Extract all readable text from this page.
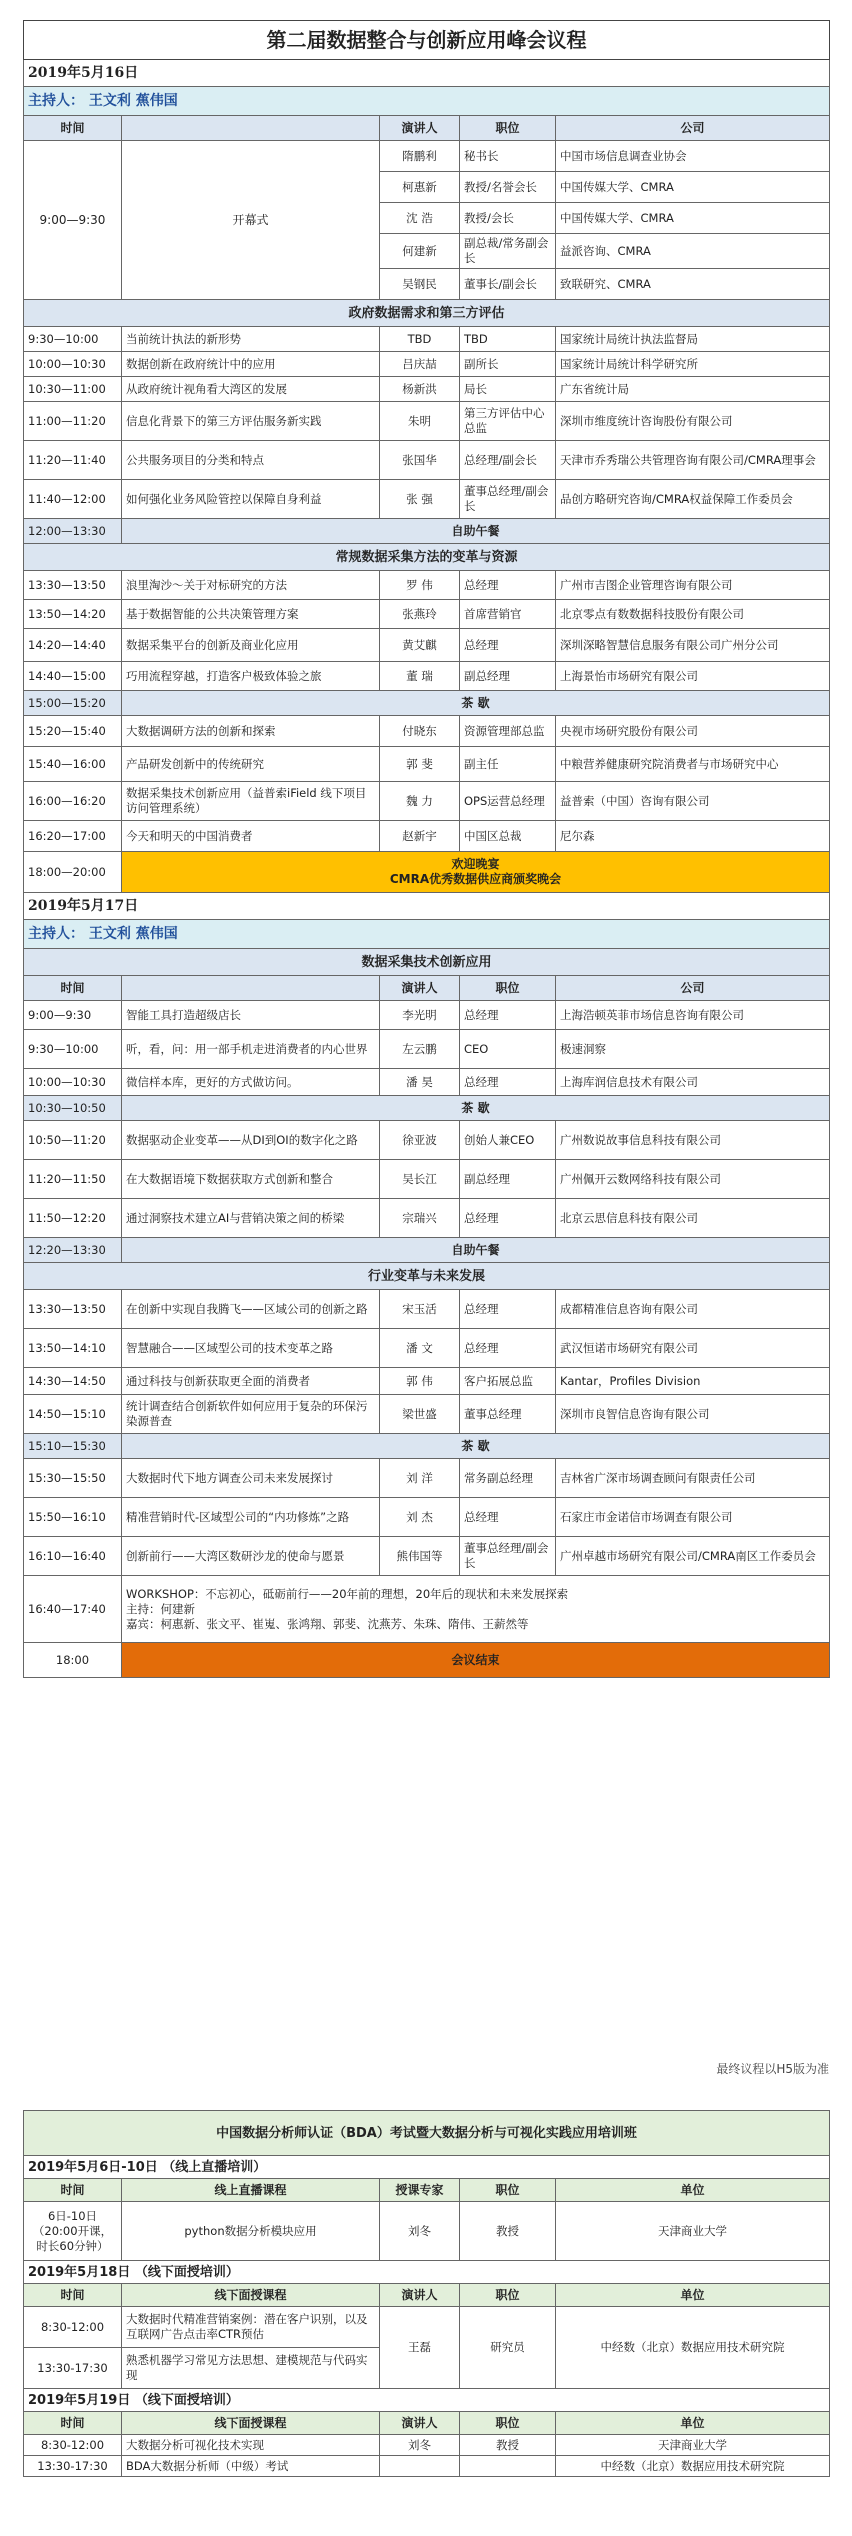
第二届数据整合与创新应用峰会议程				
2019年5月16日				
主持人： 王文利 蕉伟国				
时间		演讲人	职位	公司
9:00—9:30	开幕式	隋鹏利	秘书长	中国市场信息调查业协会
		柯惠新	教授/名誉会长	中国传媒大学、CMRA
		沈 浩	教授/会长	中国传媒大学、CMRA
		何建新	副总裁/常务副会长	益派咨询、CMRA
		吴钢民	董事长/副会长	致联研究、CMRA
政府数据需求和第三方评估				
9:30—10:00	当前统计执法的新形势	TBD	TBD	国家统计局统计执法监督局
10:00—10:30	数据创新在政府统计中的应用	吕庆喆	副所长	国家统计局统计科学研究所
10:30—11:00	从政府统计视角看大湾区的发展	杨新洪	局长	广东省统计局
11:00—11:20	信息化背景下的第三方评估服务新实践	朱明	第三方评估中心总监	深圳市维度统计咨询股份有限公司
11:20—11:40	公共服务项目的分类和特点	张国华	总经理/副会长	天津市乔秀瑞公共管理咨询有限公司/CMRA理事会
11:40—12:00	如何强化业务风险管控以保障自身利益	张 强	董事总经理/副会长	品创方略研究咨询/CMRA权益保障工作委员会
12:00—13:30	自助午餐			
常规数据采集方法的变革与资源				
13:30—13:50	浪里淘沙～关于对标研究的方法	罗 伟	总经理	广州市吉图企业管理咨询有限公司
13:50—14:20	基于数据智能的公共决策管理方案	张燕玲	首席营销官	北京零点有数数据科技股份有限公司
14:20—14:40	数据采集平台的创新及商业化应用	黄艾麒	总经理	深圳深略智慧信息服务有限公司广州分公司
14:40—15:00	巧用流程穿越，打造客户极致体验之旅	董 瑞	副总经理	上海景怡市场研究有限公司
15:00—15:20	茶 歇			
15:20—15:40	大数据调研方法的创新和探索	付晓东	资源管理部总监	央视市场研究股份有限公司
15:40—16:00	产品研发创新中的传统研究	郭 斐	副主任	中粮营养健康研究院消费者与市场研究中心
16:00—16:20	数据采集技术创新应用（益普索iField 线下项目访问管理系统）	魏 力	OPS运营总经理	益普索（中国）咨询有限公司
16:20—17:00	今天和明天的中国消费者	赵新宇	中国区总裁	尼尔森
18:00—20:00	欢迎晚宴
CMRA优秀数据供应商颁奖晚会			

2019年5月17日				
主持人： 王文利 蕉伟国				
数据采集技术创新应用				
时间		演讲人	职位	公司
9:00—9:30	智能工具打造超级店长	李光明	总经理	上海浩顿英菲市场信息咨询有限公司
9:30—10:00	听，看，问：用一部手机走进消费者的内心世界	左云鹏	CEO	极速洞察
10:00—10:30	微信样本库，更好的方式做访问。	潘 昊	总经理	上海库润信息技术有限公司
10:30—10:50	茶 歇			
10:50—11:20	数据驱动企业变革——从DI到OI的数字化之路	徐亚波	创始人兼CEO	广州数说故事信息科技有限公司
11:20—11:50	在大数据语境下数据获取方式创新和整合	吴长江	副总经理	广州佩开云数网络科技有限公司
11:50—12:20	通过洞察技术建立AI与营销决策之间的桥梁	宗瑞兴	总经理	北京云思信息科技有限公司
12:20—13:30	自助午餐			
行业变革与未来发展				
13:30—13:50	在创新中实现自我腾飞——区域公司的创新之路	宋玉活	总经理	成都精准信息咨询有限公司
13:50—14:10	智慧融合——区域型公司的技术变革之路	潘 文	总经理	武汉恒诺市场研究有限公司
14:30—14:50	通过科技与创新获取更全面的消费者	郭 伟	客户拓展总监	Kantar，Profiles Division
14:50—15:10	统计调查结合创新软件如何应用于复杂的环保污染源普查	梁世盛	董事总经理	深圳市良智信息咨询有限公司
15:10—15:30	茶 歇			
15:30—15:50	大数据时代下地方调查公司未来发展探讨	刘 洋	常务副总经理	吉林省广深市场调查顾问有限责任公司
15:50—16:10	精准营销时代-区域型公司的“内功修炼”之路	刘 杰	总经理	石家庄市金诺信市场调查有限公司
16:10—16:40	创新前行——大湾区数研沙龙的使命与愿景	熊伟国等	董事总经理/副会长	广州卓越市场研究有限公司/CMRA南区工作委员会
16:40—17:40	WORKSHOP：不忘初心，砥砺前行——20年前的理想，20年后的现状和未来发展探索
主持：何建新
嘉宾：柯惠新、张文平、崔嵬、张鸿翔、郭斐、沈燕芳、朱珠、隋伟、王薪然等			

18:00	会议结束			
最终议程以H5版为准
中国数据分析师认证（BDA）考试暨大数据分析与可视化实践应用培训班				
2019年5月6日-10日 （线上直播培训）				
时间	线上直播课程	授课专家	职位	单位
6日-10日（20:00开课，时长60分钟）	python数据分析模块应用	刘冬	教授	天津商业大学
2019年5月18日 （线下面授培训）				
时间	线下面授课程	演讲人	职位	单位
8:30-12:00	大数据时代精准营销案例：潜在客户识别，以及互联网广告点击率CTR预估	王磊	研究员	中经数（北京）数据应用技术研究院
13:30-17:30	熟悉机器学习常见方法思想、建模规范与代码实现			
2019年5月19日 （线下面授培训）				
时间	线下面授课程	演讲人	职位	单位
8:30-12:00	大数据分析可视化技术实现	刘冬	教授	天津商业大学
13:30-17:30	BDA大数据分析师（中级）考试			中经数（北京）数据应用技术研究院
